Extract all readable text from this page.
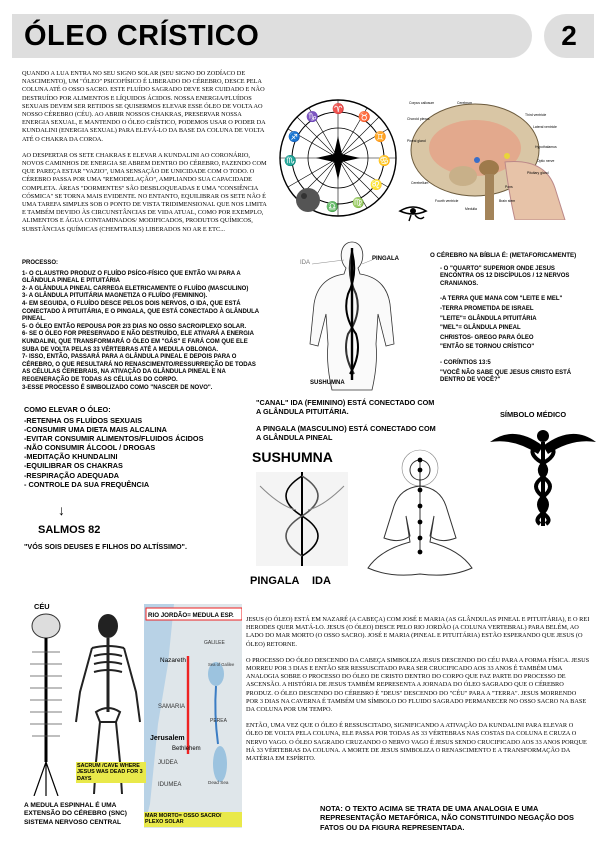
ÓLEO CRÍSTICO	2

QUANDO A LUA ENTRA NO SEU SIGNO SOLAR (SEU SIGNO DO ZODÍACO DE NASCIMENTO), UM "ÓLEO" PSICOFÍSICO É LIBERADO DO CÉREBRO, DESCE PELA COLUNA ATÉ O OSSO SACRO. ESTE FLUÍDO SAGRADO DEVE SER CUIDADO E NÃO DESTRUÍDO POR ALIMENTOS E LÍQUIDOS ÁCIDOS. NOSSA ENERGIA/FLUÍDOS SEXUAIS DEVEM SER RETIDOS SE QUISERMOS ELEVAR ESSE ÓLEO DE VOLTA AO NOSSO CÉREBRO (CÉU). AO ABRIR NOSSOS CHAKRAS, PRESERVAR NOSSA ENERGIA SEXUAL, E MANTENDO O ÓLEO CRÍSTICO, PODEMOS USAR O PODER DA KUNDALINI (ENERGIA SEXUAL) PARA ELEVÁ-LO DA BASE DA COLUNA DE VOLTA ATÉ O CHAKRA DA COROA.

AO DESPERTAR OS SETE CHAKRAS E ELEVAR A KUNDALINI AO CORONÁRIO, NOVOS CAMINHOS DE ENERGIA SE ABREM DENTRO DO CÉREBRO, FAZENDO COM QUE PAREÇA ESTAR "VAZIO", UMA SENSAÇÃO DE UNICIDADE COM O TODO. O CÉREBRO PASSA POR UMA "REMODELAÇÃO", AMPLIANDO SUA CAPACIDADE COMPLETA. ÁREAS "DORMENTES" SÃO DESBLOQUEADAS E UMA "CONSIÊNCIA CÓSMICA" SE TORNA MAIS EVIDENTE. NO ENTANTO, EQUILIBRAR OS SETE NÃO É UMA TAREFA SIMPLES SOB O PONTO DE VISTA TRIDIMENSIONAL QUE NOS LIMITA E TAMBÉM DEVIDO ÀS CIRCUNSTÂNCIAS DE VIDA ATUAL, COMO POR EXEMPLO, ALIMENTOS E ÁGUA CONTAMINADOS/ MODIFICADOS, PRODUTOS QUÍMICOS, SUBSTÂNCIAS QUÍMICAS (CHEMTRAILS) LIBERADOS NO AR E ETC...

♈
♉
♊
♋
♌
♍
♎
♏
♐
♑
Corpus callosum	Cerebrum
Third ventricle
Choroid plexus
Lateral ventricle
Pineal gland
Hypothalamus
Optic nerve
Pituitary gland
Cerebellum
Pons
Fourth ventricle	Brain stem
Medulla
PROCESSO:
1- O CLAUSTRO PRODUZ O FLUÍDO PSÍCO-FÍSICO QUE ENTÃO VAI PARA A GLÂNDULA PINEAL E PITUITÁRIA
2- A GLÂNDULA PINEAL CARREGA ELETRICAMENTE O FLUÍDO (MASCULINO)
3- A GLÂNDULA PITUITÁRIA MAGNETIZA O FLUÍDO (FEMININO).
4- EM SEGUIDA, O FLUÍDO DESCE PELOS DOIS NERVOS, O IDA, QUE ESTÁ CONECTADO À PITUITÁRIA, E O PINGALA, QUE ESTÁ CONECTADO À GLÂNDULA PINEAL.
5- O ÓLEO ENTÃO REPOUSA POR 2/3 DIAS NO OSSO SACRO/PLEXO SOLAR.
6- SE O ÓLEO FOR PRESERVADO E NÃO DESTRUÍDO, ELE ATIVARÁ A ENERGIA KUNDALINI, QUE TRANSFORMARÁ O ÓLEO EM "GÁS" E FARÁ COM QUE ELE SUBA DE VOLTA PELAS 33 VÉRTEBRAS ATÉ A MEDULA OBLONGA.
7- ISSO, ENTÃO, PASSARÁ PARA A GLÂNDULA PINEAL E DEPOIS PARA O CÉREBRO, O QUE RESULTARÁ NO RENASCIMENTO/RESSURREIÇÃO DE TODAS AS CÉLULAS CEREBRAIS, NA ATIVAÇÃO DA GLÂNDULA PINEAL E NA REGENERAÇÃO DE TODAS AS CÉLULAS DO CORPO.
3-ESSE PROCESSO É SIMBOLIZADO COMO "NASCER DE NOVO".
COMO ELEVAR O ÓLEO:
-RETENHA OS FLUÍDOS SEXUAIS
-CONSUMIR UMA DIETA MAIS ALCALINA
-EVITAR CONSUMIR ALIMENTOS/FLUIDOS ÁCIDOS
-NÃO CONSUMIR ÁLCOOL / DROGAS
-MEDITAÇÃO KHUNDALINI
-EQUILIBRAR OS CHAKRAS
-RESPIRAÇÃO ADEQUADA
- CONTROLE DA SUA FREQUÊNCIA
↓
SALMOS 82
"VÓS SOIS DEUSES E FILHOS DO ALTÍSSIMO".
IDA
PINGALA
SUSHUMNA
"CANAL" IDA (FEMININO) ESTÁ CONECTADO COM A GLÂNDULA PITUITÁRIA.
A PINGALA (MASCULINO) ESTÁ CONECTADO COM A GLÂNDULA PINEAL
O CÉREBRO NA BÍBLIA É: (METAFORICAMENTE)
- O "QUARTO" SUPERIOR ONDE JESUS ENCONTRA OS 12 DISCÍPULOS / 12 NERVOS CRANIANOS.
-A TERRA QUE MANA COM "LEITE E MEL"
-TERRA PROMETIDA DE ISRAEL
"LEITE"= GLÂNDULA PITUITÁRIA
"MEL"= GLÂNDULA PINEAL
CHRISTOS- GREGO PARA ÓLEO
"ENTÃO SE TORNOU CRÍSTICO"
- CORÍNTIOS 13:5
"VOCÊ NÃO SABE QUE JESUS CRISTO ESTÁ DENTRO DE VOCÊ?"
SÍMBOLO MÉDICO
SUSHUMNA
PINGALA IDA
CÉU
RIO JORDÃO= MEDULA ESP.
GALILEE
Nazareth
Sea of Galilee
SAMARIA
PEREA
Jerusalem
Bethlehem
JUDEA
Dead Sea
IDUMEA
SACRUM /CAVE WHERE JESUS WAS DEAD FOR 3 DAYS
MAR MORTO= OSSO SACRO/ PLEXO SOLAR
A MEDULA ESPINHAL É UMA EXTENSÃO DO CÉREBRO (SNC) SISTEMA NERVOSO CENTRAL

JESUS (O ÓLEO) ESTÁ EM NAZARÉ (A CABEÇA) COM JOSÉ E MARIA (AS GLÂNDULAS PINEAL E PITUITÁRIA), E O REI HERODES QUER MATÁ-LO. JESUS (O ÓLEO) DESCE PELO RIO JORDÃO (A COLUNA VERTEBRAL) PARA BELÉM, AO LADO DO MAR MORTO (O OSSO SACRO). JOSÉ E MARIA (PINEAL E PITUITÁRIA) ESTÃO ESPERANDO QUE JESUS (O ÓLEO) RETORNE.

O PROCESSO DO ÓLEO DESCENDO DA CABEÇA SIMBOLIZA JESUS DESCENDO DO CÉU PARA A FORMA FÍSICA. JESUS MORREU POR 3 DIAS E ENTÃO SER RESSUSCITADO PARA SER CRUCIFICADO AOS 33 ANOS É TAMBÉM UMA ANALOGIA SOBRE O PROCESSO DO ÓLEO DE CRISTO DENTRO DO CORPO QUE FAZ PARTE DO PROCESSO DE ASCENSÃO. A HISTÓRIA DE JESUS TAMBÉM REPRESENTA A JORNADA DO ÓLEO SAGRADO QUE O CÉREBRO PRODUZ. O ÓLEO DESCENDO DO CÉREBRO É "DEUS" DESCENDO DO "CÉU" PARA A "TERRA". JESUS MORRENDO POR 3 DIAS NA CAVERNA É TAMBÉM UM SÍMBOLO DO FLUIDO SAGRADO PERMANECER NO OSSO SACRO NA BASE DA COLUNA POR UM TEMPO.

ENTÃO, UMA VEZ QUE O ÓLEO É RESSUSCITADO, SIGNIFICANDO A ATIVAÇÃO DA KUNDALINI PARA ELEVAR O ÓLEO DE VOLTA PELA COLUNA, ELE PASSA POR TODAS AS 33 VÉRTEBRAS NAS COSTAS DA COLUNA E CRUZA O NERVO VAGO. O ÓLEO SAGRADO CRUZANDO O NERVO VAGO É JESUS SENDO CRUCIFICADO AOS 33 ANOS PORQUE HÁ 33 VÉRTEBRAS DA COLUNA. A MORTE DE JESUS SIMBOLIZA O RENASCIMENTO E A TRANSFORMAÇÃO DA MATÉRIA EM ESPÍRITO.

NOTA: O TEXTO ACIMA SE TRATA DE UMA ANALOGIA E UMA REPRESENTAÇÃO METAFÓRICA, NÃO CONSTITUINDO NEGAÇÃO DOS FATOS OU DA FIGURA REPRESENTADA.
